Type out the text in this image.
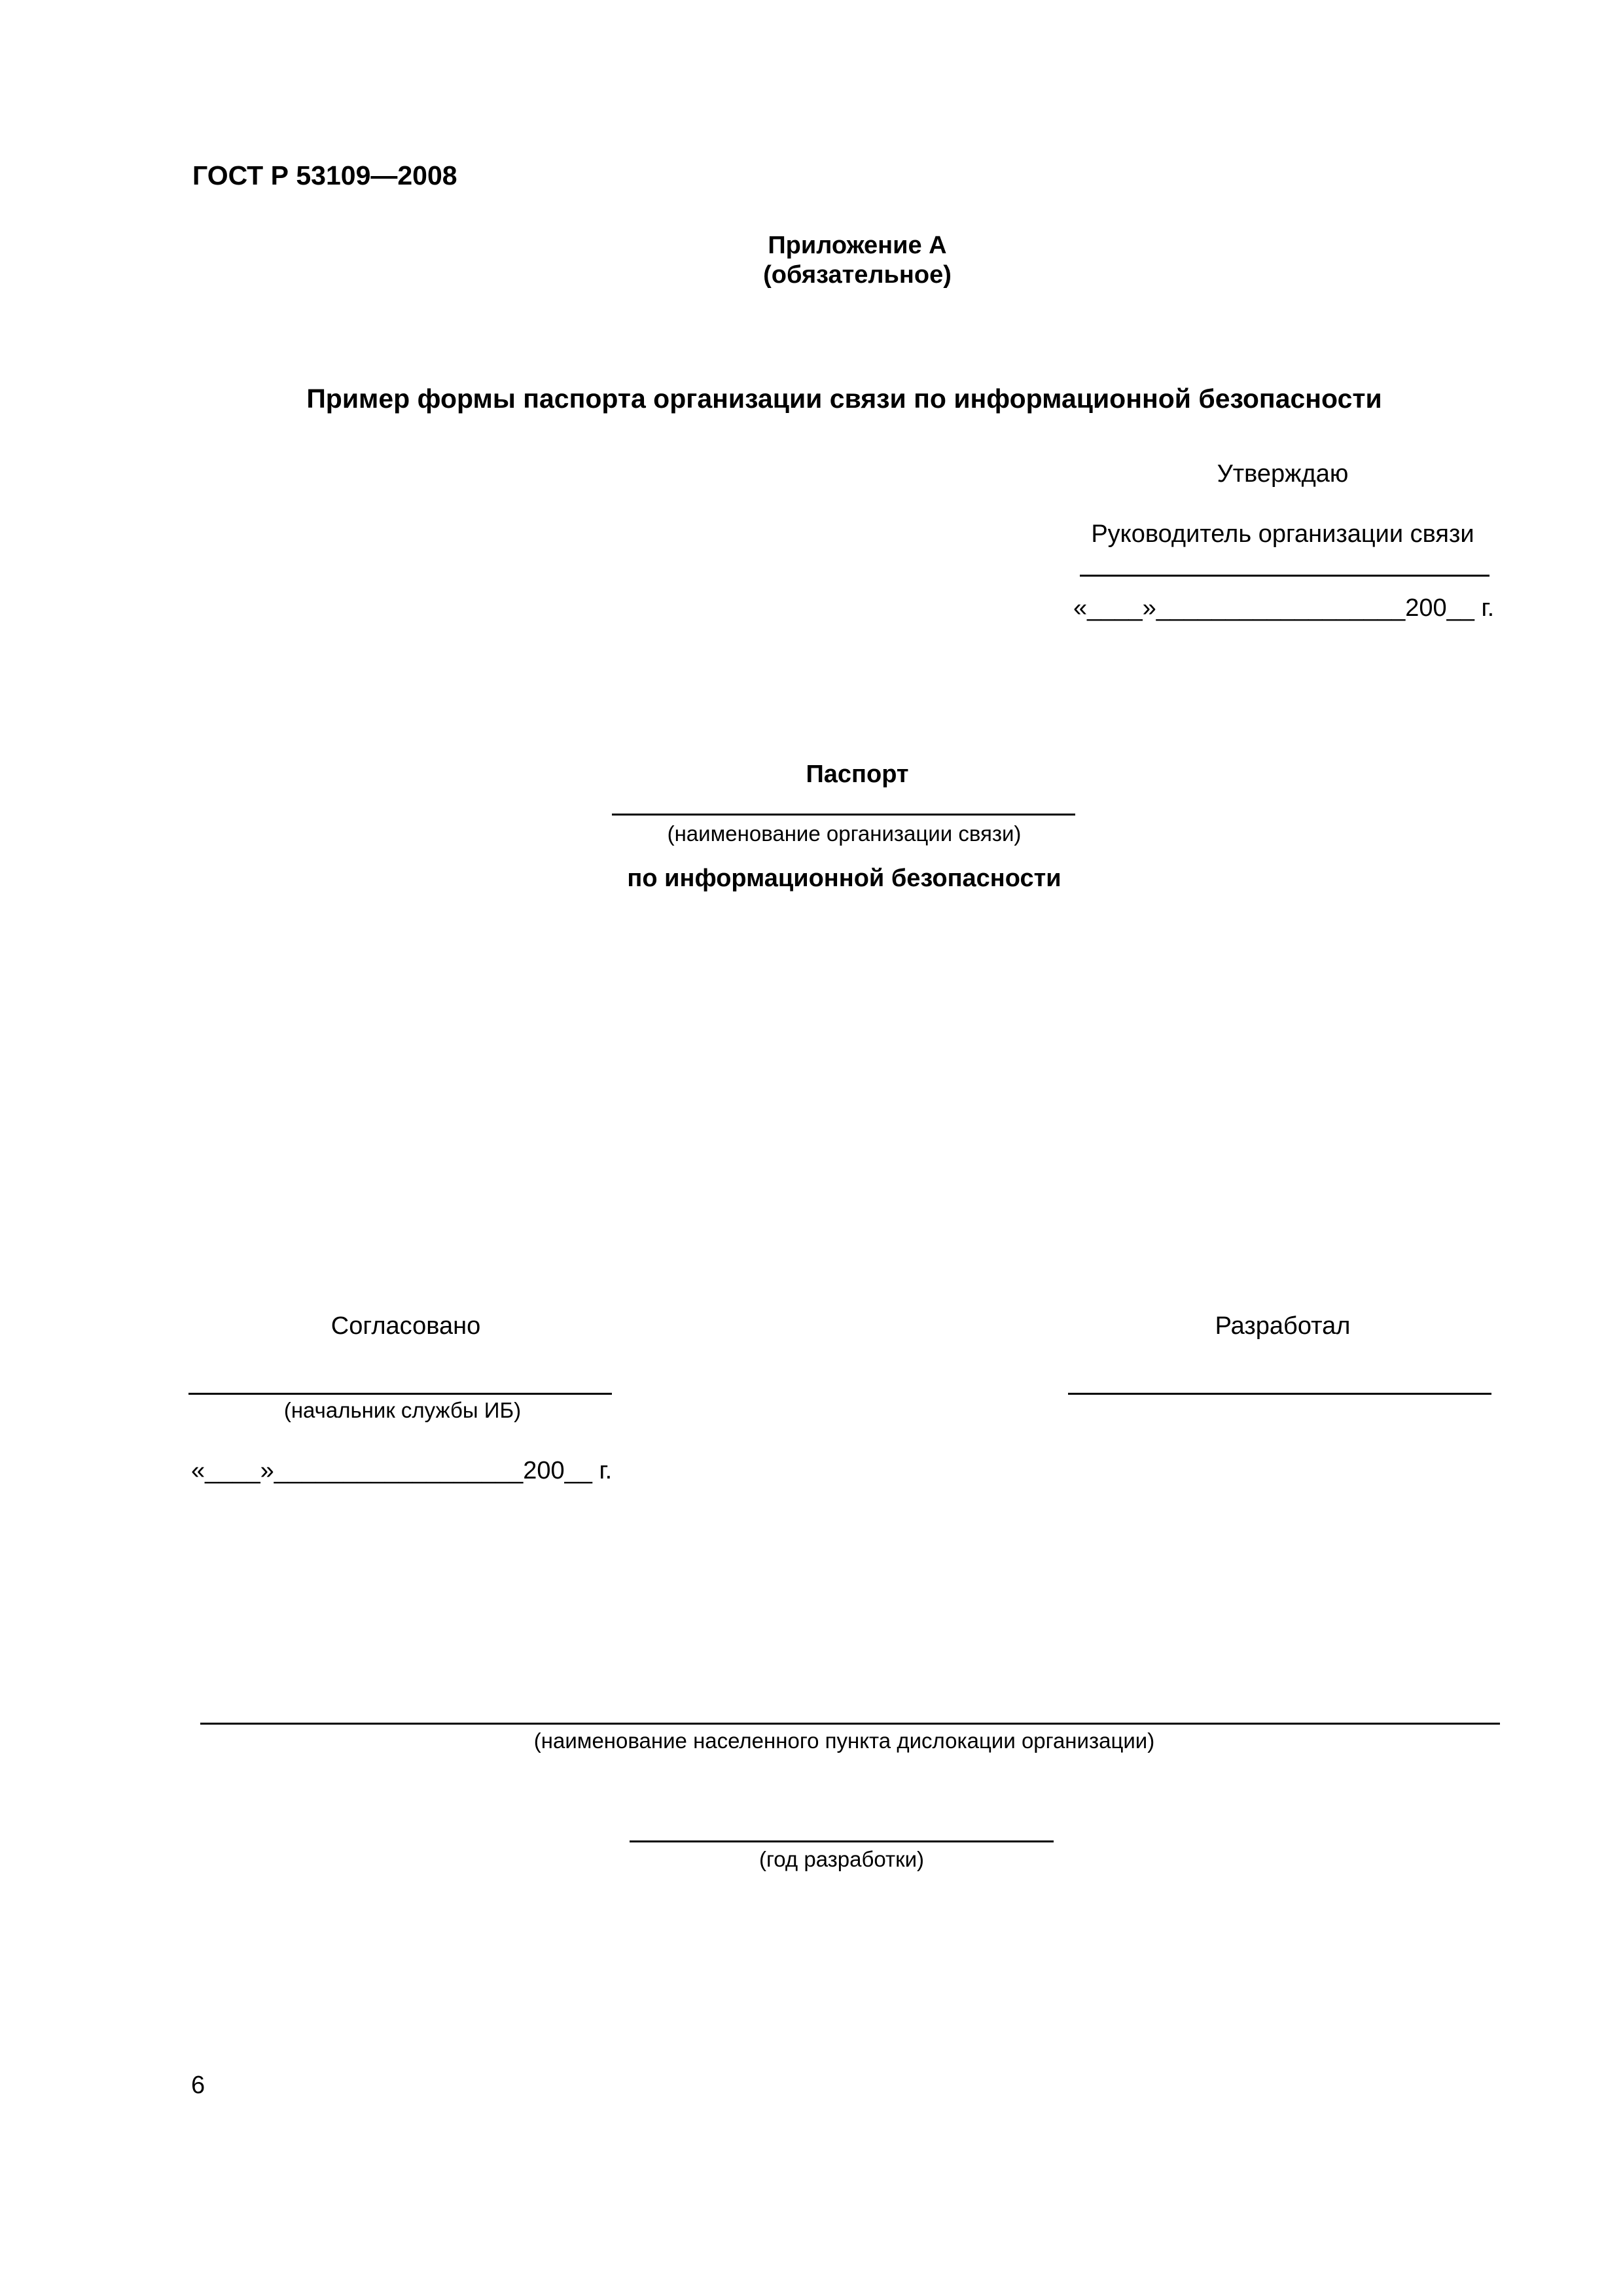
ГОСТ Р 53109—2008
Приложение А
(обязательное)
Пример формы паспорта организации связи по информационной безопасности
Утверждаю
Руководитель организации связи
«____»__________________200__ г.
Паспорт
(наименование организации связи)
по информационной безопасности
Согласовано
(начальник службы ИБ)
«____»__________________200__ г.
Разработал
(наименование населенного пункта дислокации организации)
(год разработки)
6
